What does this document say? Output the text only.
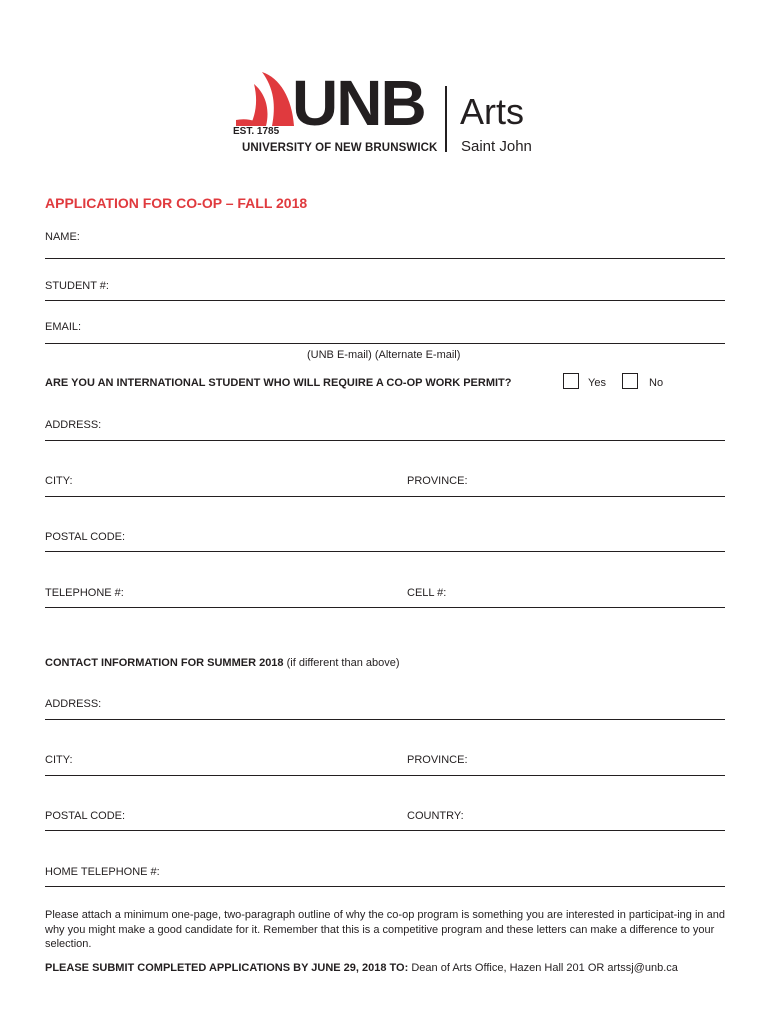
UNB
EST. 1785
UNIVERSITY OF NEW BRUNSWICK
Arts
Saint John
APPLICATION FOR CO-OP – FALL 2018
NAME:
STUDENT #:
EMAIL:
(UNB E-mail) (Alternate E-mail)
ARE YOU AN INTERNATIONAL STUDENT WHO WILL REQUIRE A CO-OP WORK PERMIT?	Yes	No
ADDRESS:
CITY:	PROVINCE:
POSTAL CODE:
TELEPHONE #:	CELL #:
CONTACT INFORMATION FOR SUMMER 2018 (if different than above)
ADDRESS:
CITY:	PROVINCE:
POSTAL CODE:	COUNTRY:
HOME TELEPHONE #:
Please attach a minimum one-page, two-paragraph outline of why the co-op program is something you are interested in participat-ing in and why you might make a good candidate for it. Remember that this is a competitive program and these letters can make a difference to your selection.
PLEASE SUBMIT COMPLETED APPLICATIONS BY JUNE 29, 2018 TO: Dean of Arts Office, Hazen Hall 201 OR artssj@unb.ca
